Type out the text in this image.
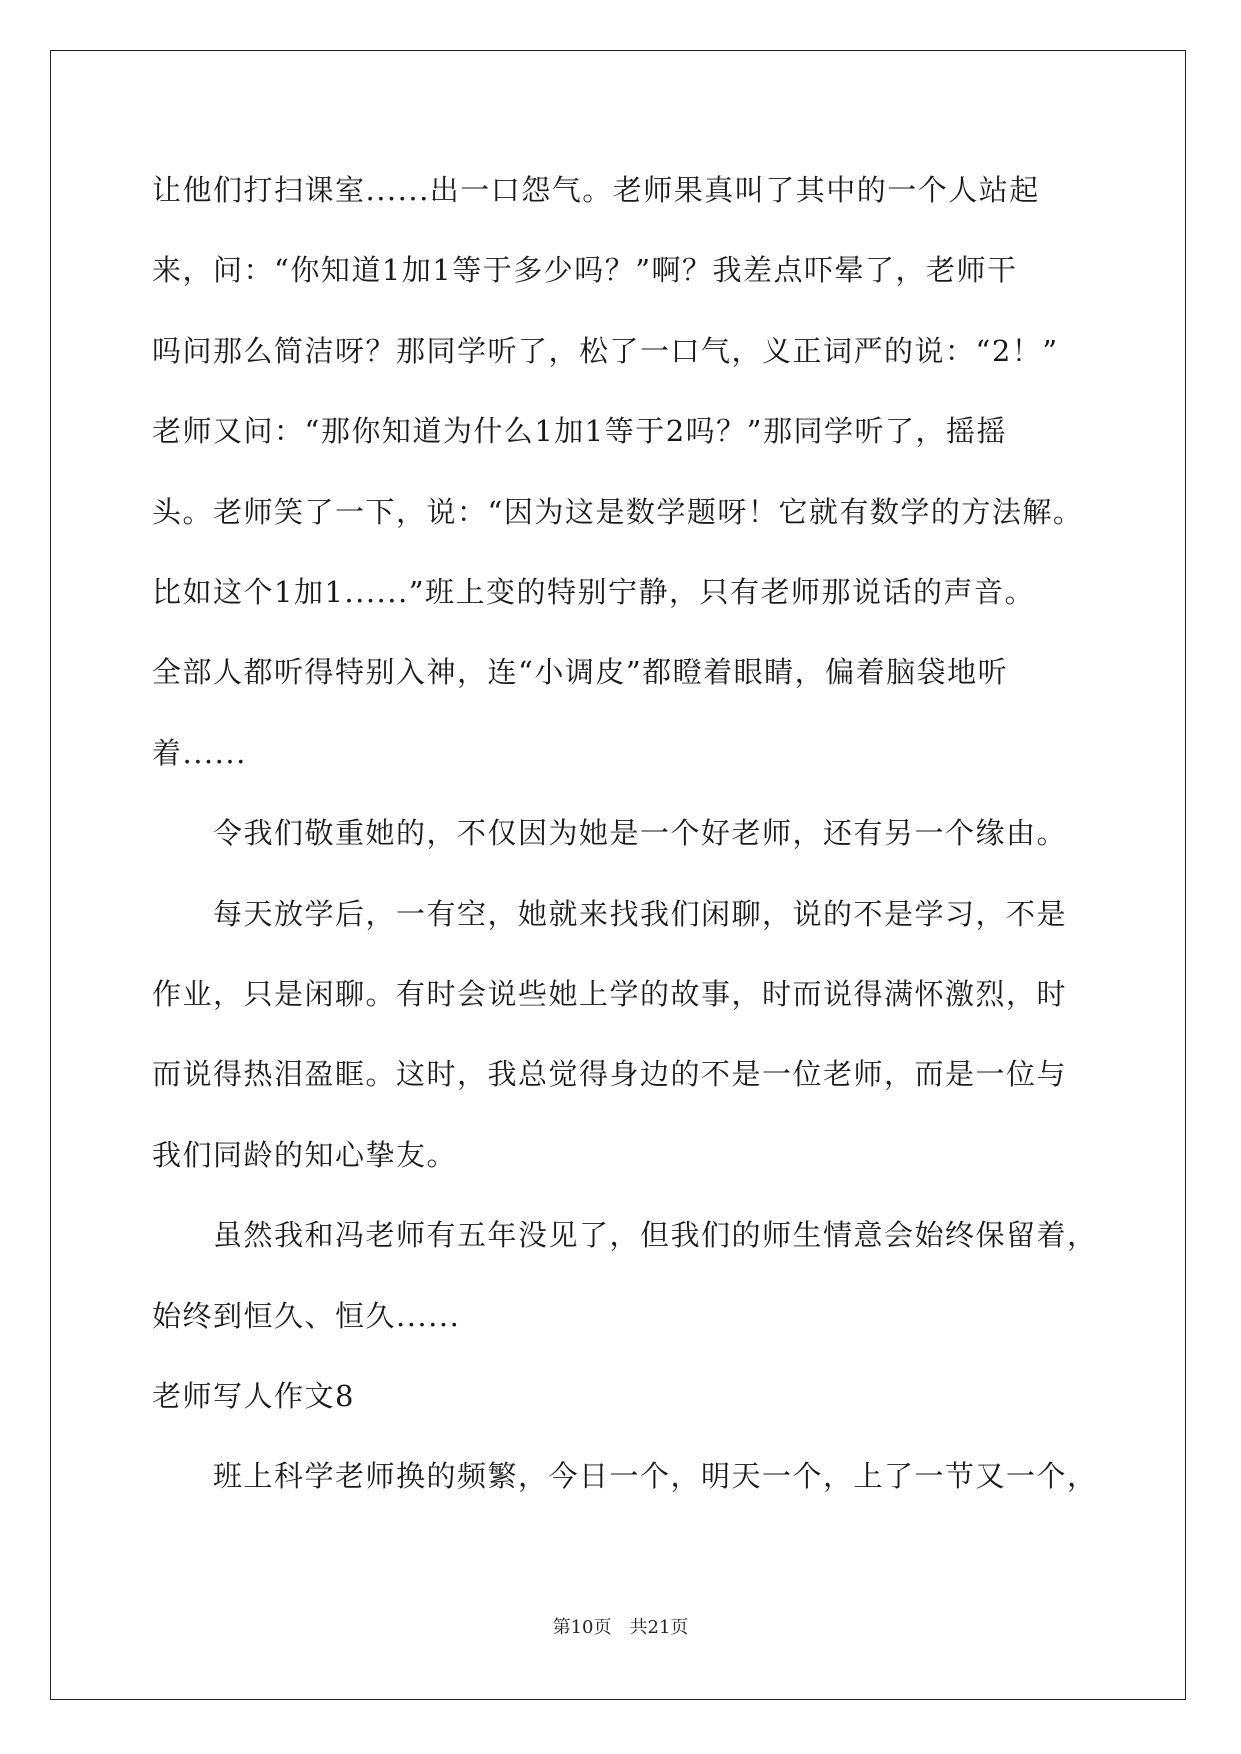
让他们打扫课室......出一口怨气。老师果真叫了其中的一个人站起
来，问：“你知道1加1等于多少吗？”啊？我差点吓晕了，老师干
吗问那么简洁呀？那同学听了，松了一口气，义正词严的说：“2！”
老师又问：“那你知道为什么1加1等于2吗？”那同学听了，摇摇
头。老师笑了一下，说：“因为这是数学题呀！它就有数学的方法解。
比如这个1加1......”班上变的特别宁静，只有老师那说话的声音。
全部人都听得特别入神，连“小调皮”都瞪着眼睛，偏着脑袋地听
着......
　　令我们敬重她的，不仅因为她是一个好老师，还有另一个缘由。
　　每天放学后，一有空，她就来找我们闲聊，说的不是学习，不是
作业，只是闲聊。有时会说些她上学的故事，时而说得满怀激烈，时
而说得热泪盈眶。这时，我总觉得身边的不是一位老师，而是一位与
我们同龄的知心挚友。
　　虽然我和冯老师有五年没见了，但我们的师生情意会始终保留着，
始终到恒久、恒久......
老师写人作文8
　　班上科学老师换的频繁，今日一个，明天一个，上了一节又一个，
第10页　共21页
